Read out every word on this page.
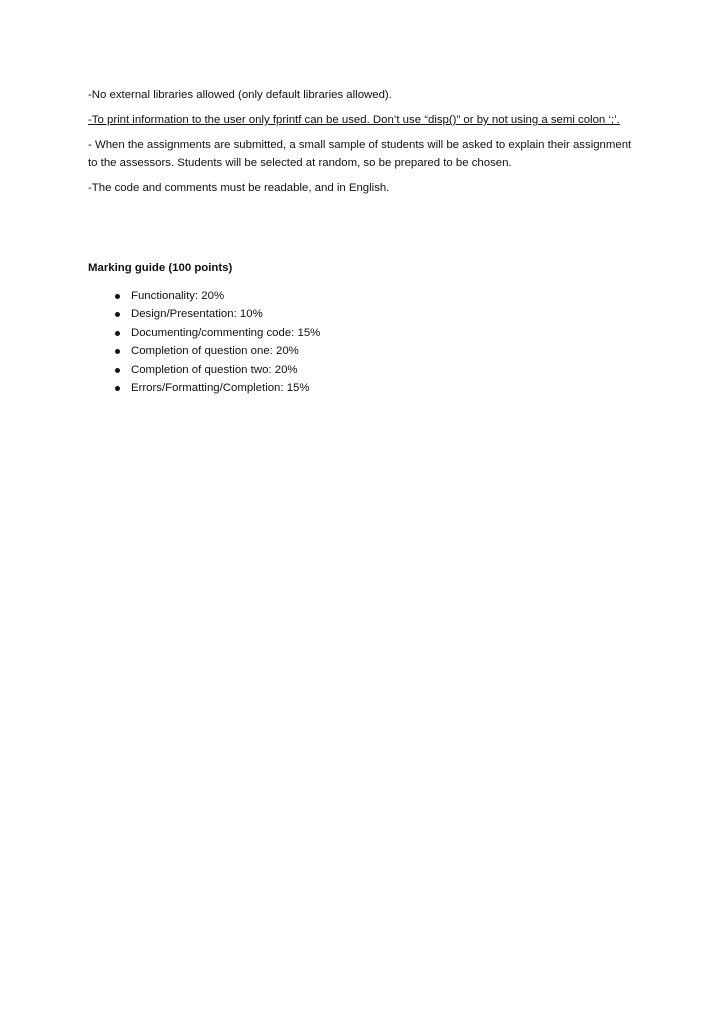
-No external libraries allowed (only default libraries allowed).

-To print information to the user only fprintf can be used. Don’t use “disp()” or by not using a semi colon ‘;’.

- When the assignments are submitted, a small sample of students will be asked to explain their assignment to the assessors. Students will be selected at random, so be prepared to be chosen.

-The code and comments must be readable, and in English.

Marking guide (100 points)
Functionality: 20%
Design/Presentation: 10%
Documenting/commenting code: 15%
Completion of question one: 20%
Completion of question two: 20%
Errors/Formatting/Completion: 15%
